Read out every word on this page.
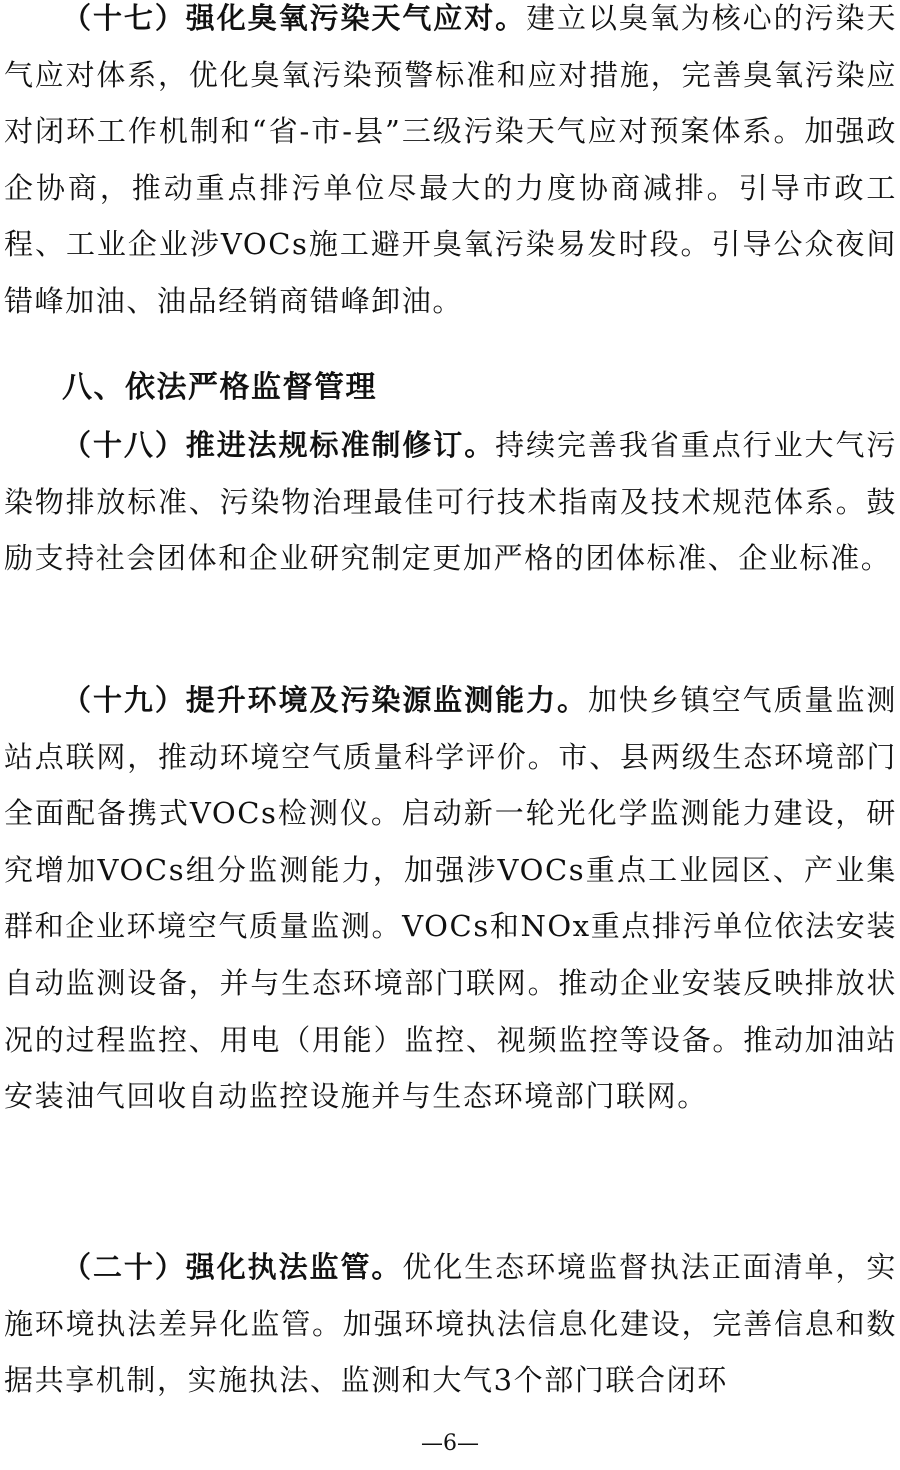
（十七）强化臭氧污染天气应对。建立以臭氧为核心的污染天气应对体系，优化臭氧污染预警标准和应对措施，完善臭氧污染应对闭环工作机制和“省-市-县”三级污染天气应对预案体系。加强政企协商，推动重点排污单位尽最大的力度协商减排。引导市政工程、工业企业涉VOCs施工避开臭氧污染易发时段。引导公众夜间错峰加油、油品经销商错峰卸油。

八、依法严格监督管理

（十八）推进法规标准制修订。持续完善我省重点行业大气污染物排放标准、污染物治理最佳可行技术指南及技术规范体系。鼓励支持社会团体和企业研究制定更加严格的团体标准、企业标准。

（十九）提升环境及污染源监测能力。加快乡镇空气质量监测站点联网，推动环境空气质量科学评价。市、县两级生态环境部门全面配备携式VOCs检测仪。启动新一轮光化学监测能力建设，研究增加VOCs组分监测能力，加强涉VOCs重点工业园区、产业集群和企业环境空气质量监测。VOCs和NOx重点排污单位依法安装自动监测设备，并与生态环境部门联网。推动企业安装反映排放状况的过程监控、用电（用能）监控、视频监控等设备。推动加油站安装油气回收自动监控设施并与生态环境部门联网。

（二十）强化执法监管。优化生态环境监督执法正面清单，实施环境执法差异化监管。加强环境执法信息化建设，完善信息和数据共享机制，实施执法、监测和大气3个部门联合闭环

—6—
